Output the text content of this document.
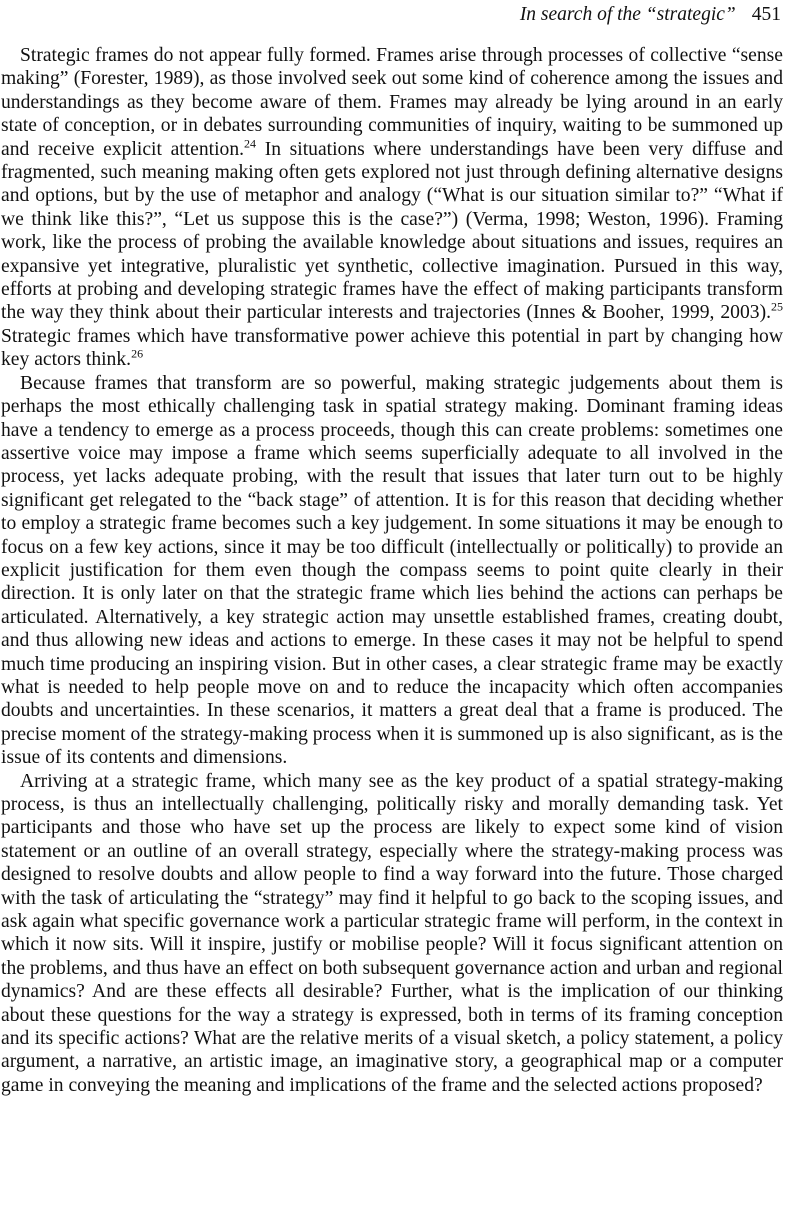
In search of the “strategic” 451

Strategic frames do not appear fully formed. Frames arise through processes of collective “sense making” (Forester, 1989), as those involved seek out some kind of coherence among the issues and understandings as they become aware of them. Frames may already be lying around in an early state of conception, or in debates surrounding communities of inquiry, waiting to be summoned up and receive explicit attention.$^{24}$ In situations where understandings have been very diffuse and fragmented, such meaning making often gets explored not just through defining alternative designs and options, but by the use of metaphor and analogy (“What is our situation similar to?” “What if we think like this?”, “Let us suppose this is the case?”) (Verma, 1998; Weston, 1996). Framing work, like the process of probing the available knowledge about situations and issues, requires an expansive yet integrative, pluralistic yet synthetic, collective imagination. Pursued in this way, efforts at probing and developing strategic frames have the effect of making participants transform the way they think about their particular interests and trajectories (Innes & Booher, 1999, 2003).$^{25}$ Strategic frames which have transformative power achieve this potential in part by changing how key actors think.$^{26}$

Because frames that transform are so powerful, making strategic judgements about them is perhaps the most ethically challenging task in spatial strategy making. Dominant framing ideas have a tendency to emerge as a process proceeds, though this can create problems: sometimes one assertive voice may impose a frame which seems superficially adequate to all involved in the process, yet lacks adequate probing, with the result that issues that later turn out to be highly significant get relegated to the “back stage” of attention. It is for this reason that deciding whether to employ a strategic frame becomes such a key judgement. In some situations it may be enough to focus on a few key actions, since it may be too difficult (intellectually or politically) to provide an explicit justification for them even though the compass seems to point quite clearly in their direction. It is only later on that the strategic frame which lies behind the actions can perhaps be articulated. Alternatively, a key strategic action may unsettle established frames, creating doubt, and thus allowing new ideas and actions to emerge. In these cases it may not be helpful to spend much time producing an inspiring vision. But in other cases, a clear strategic frame may be exactly what is needed to help people move on and to reduce the incapacity which often accompanies doubts and uncertainties. In these scenarios, it matters a great deal that a frame is produced. The precise moment of the strategy-making process when it is summoned up is also significant, as is the issue of its contents and dimensions.

Arriving at a strategic frame, which many see as the key product of a spatial strategy-making process, is thus an intellectually challenging, politically risky and morally demanding task. Yet participants and those who have set up the process are likely to expect some kind of vision statement or an outline of an overall strategy, especially where the strategy-making process was designed to resolve doubts and allow people to find a way forward into the future. Those charged with the task of articulating the “strategy” may find it helpful to go back to the scoping issues, and ask again what specific governance work a particular strategic frame will perform, in the context in which it now sits. Will it inspire, justify or mobilise people? Will it focus significant attention on the problems, and thus have an effect on both subsequent governance action and urban and regional dynamics? And are these effects all desirable? Further, what is the implication of our thinking about these questions for the way a strategy is expressed, both in terms of its framing conception and its specific actions? What are the relative merits of a visual sketch, a policy statement, a policy argument, a narrative, an artistic image, an imaginative story, a geographical map or a computer game in conveying the meaning and implications of the frame and the selected actions proposed?
